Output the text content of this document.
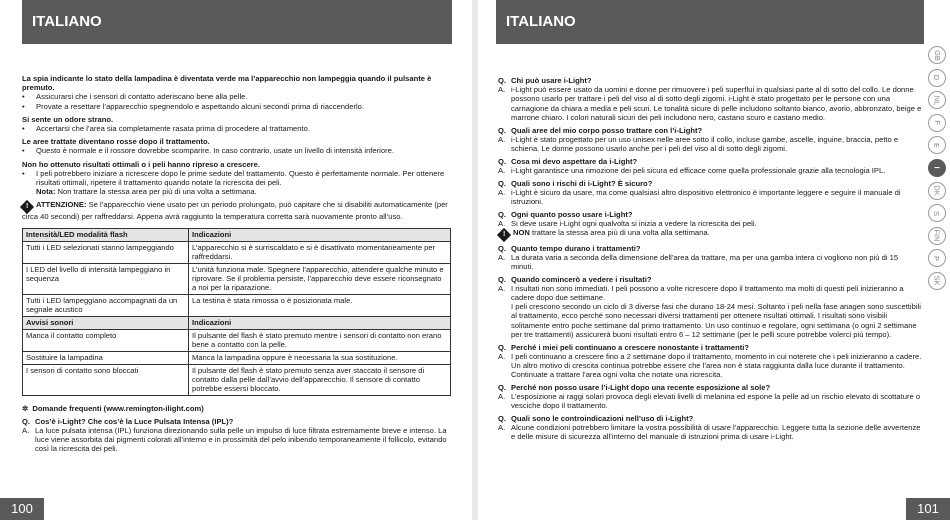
ITALIANO
La spia indicante lo stato della lampadina è diventata verde ma l’apparecchio non lampeggia quando il pulsante è premuto.
• Assicurarsi che i sensori di contatto aderiscano bene alla pelle.
• Provate a resettare l’apparecchio spegnendolo e aspettando alcuni secondi prima di riaccenderlo.
Si sente un odore strano.
• Accertarsi che l’area sia completamente rasata prima di procedere al trattamento.
Le aree trattate diventano rosse dopo il trattamento.
• Questo è normale e il rossore dovrebbe scomparire. In caso contrario, usate un livello di intensità inferiore.
Non ho ottenuto risultati ottimali o i peli hanno ripreso a crescere.
• I peli potrebbero iniziare a ricrescere dopo le prime sedute del trattamento. Questo è perfettamente normale. Per ottenere risultati ottimali, ripetere il trattamento quando notate la ricrescita dei peli.
Nota: Non trattare la stessa area per più di una volta a settimana.
! ATTENZIONE: Se l’apparecchio viene usato per un periodo prolungato, può capitare che si disabiliti automaticamente (per circa 40 secondi) per raffreddarsi. Appena avrà raggiunto la temperatura corretta sarà nuovamente pronto all’uso.
Intensità/LED modalità flash	Indicazioni
Tutti i LED selezionati stanno lampeggiando	L’apparecchio si è surriscaldato e si è disattivato momentaneamente per raffreddarsi.
I LED del livello di intensità lampeggiano in sequenza	L’unità funziona male. Spegnere l’apparecchio, attendere qualche minuto e riprovare. Se il problema persiste, l’apparecchio deve essere riconsegnato a noi per la riparazione.
Tutti i LED lampeggiano accompagnati da un segnale acustico	La testina è stata rimossa o è posizionata male.
Avvisi sonori	Indicazioni
Manca il contatto completo	Il pulsante del flash è stato premuto mentre i sensori di contatto non erano bene a contatto con la pelle.
Sostituire la lampadina	Manca la lampadina oppure è necessaria la sua sostituzione.
I sensori di contatto sono bloccati	Il pulsante del flash è stato premuto senza aver staccato il sensore di contatto dalla pelle dall’avvio dell’apparecchio. Il sensore di contatto potrebbe essersi bloccato.
✲ Domande frequenti (www.remington-ilight.com)
Q. Cos’è i-Light? Che cos’è la Luce Pulsata Intensa (IPL)?
A. La luce pulsata intensa (IPL) funziona direzionando sulla pelle un impulso di luce filtrata estremamente breve e intenso. La luce viene assorbita dai pigmenti colorati all’interno e in prossimità del pelo inibendo temporaneamente il follicolo, evitando così la ricrescita dei peli.
100
ITALIANO
Q. Chi può usare i-Light?
A. i-Light può essere usato da uomini e donne per rimuovere i peli superflui in qualsiasi parte al di sotto del collo. Le donne possono usarlo per trattare i peli del viso al di sotto degli zigomi. i-Light è stato progettato per le persone con una carnagione da chiara a media e peli scuri. Le tonalità sicure di pelle includono soltanto bianco, avorio, abbronzato, beige e marrone chiaro. I colori naturali sicuri dei peli includono nero, castano scuro e castano medio.
Q. Quali aree del mio corpo posso trattare con l’i-Light?
A. i-Light è stato progettato per un uso unisex nelle aree sotto il collo, incluse gambe, ascelle, inguine, braccia, petto e schiena. Le donne possono usarlo anche per i peli del viso al di sotto degli zigomi.
Q. Cosa mi devo aspettare da i-Light?
A. i-Light garantisce una rimozione dei peli sicura ed efficace come quella professionale grazie alla tecnologia IPL.
Q. Quali sono i rischi di i-Light? È sicuro?
A. i-Light è sicuro da usare, ma come qualsiasi altro dispositivo elettronico è importante leggere e seguire il manuale di istruzioni.
Q. Ogni quanto posso usare i-Light?
A. Si deve usare i-Light ogni qualvolta si inizia a vedere la ricrescita dei peli.
! NON trattare la stessa area più di una volta alla settimana.
Q. Quanto tempo durano i trattamenti?
A. La durata varia a seconda della dimensione dell’area da trattare, ma per una gamba intera ci vogliono non più di 15 minuti.
Q. Quando comincerò a vedere i risultati?
A. I risultati non sono immediati. I peli possono a volte ricrescere dopo il trattamento ma molti di questi peli inizieranno a cadere dopo due settimane.
I peli crescono secondo un ciclo di 3 diverse fasi che durano 18-24 mesi. Soltanto i peli nella fase anagen sono suscettibili al trattamento, ecco perché sono necessari diversi trattamenti per ottenere risultati ottimali. I risultati sono visibili solitamente entro poche settimane dal primo trattamento. Un uso continuo e regolare, ogni settimana (o ogni 2 settimane per tre trattamenti) assicurerà buoni risultati entro 6 – 12 settimane (per le pelli scure potrebbe volerci più tempo).
Q. Perché i miei peli continuano a crescere nonostante i trattamenti?
A. I peli continuano a crescere fino a 2 settimane dopo il trattamento, momento in cui noterete che i peli inizieranno a cadere. Un altro motivo di crescita continua potrebbe essere che l’area non è stata raggiunta dalla luce durante il trattamento. Continuate a trattare l’area ogni volta che notate una ricrescita.
Q. Perché non posso usare l’i-Light dopo una recente esposizione al sole?
A. L’esposizione ai raggi solari provoca degli elevati livelli di melanina ed espone la pelle ad un rischio elevato di scottature o vesciche dopo il trattamento.
Q. Quali sono le controindicazioni nell’uso di i-Light?
A. Alcune condizioni potrebbero limitare la vostra possibilità di usare l’apparecchio. Leggere tutta la sezione delle avvertenze e delle misure di sicurezza all’interno del manuale di istruzioni prima di usare i-Light.
GB
D
NL
F
E
I
DK
S
FIN
P
SK
101
